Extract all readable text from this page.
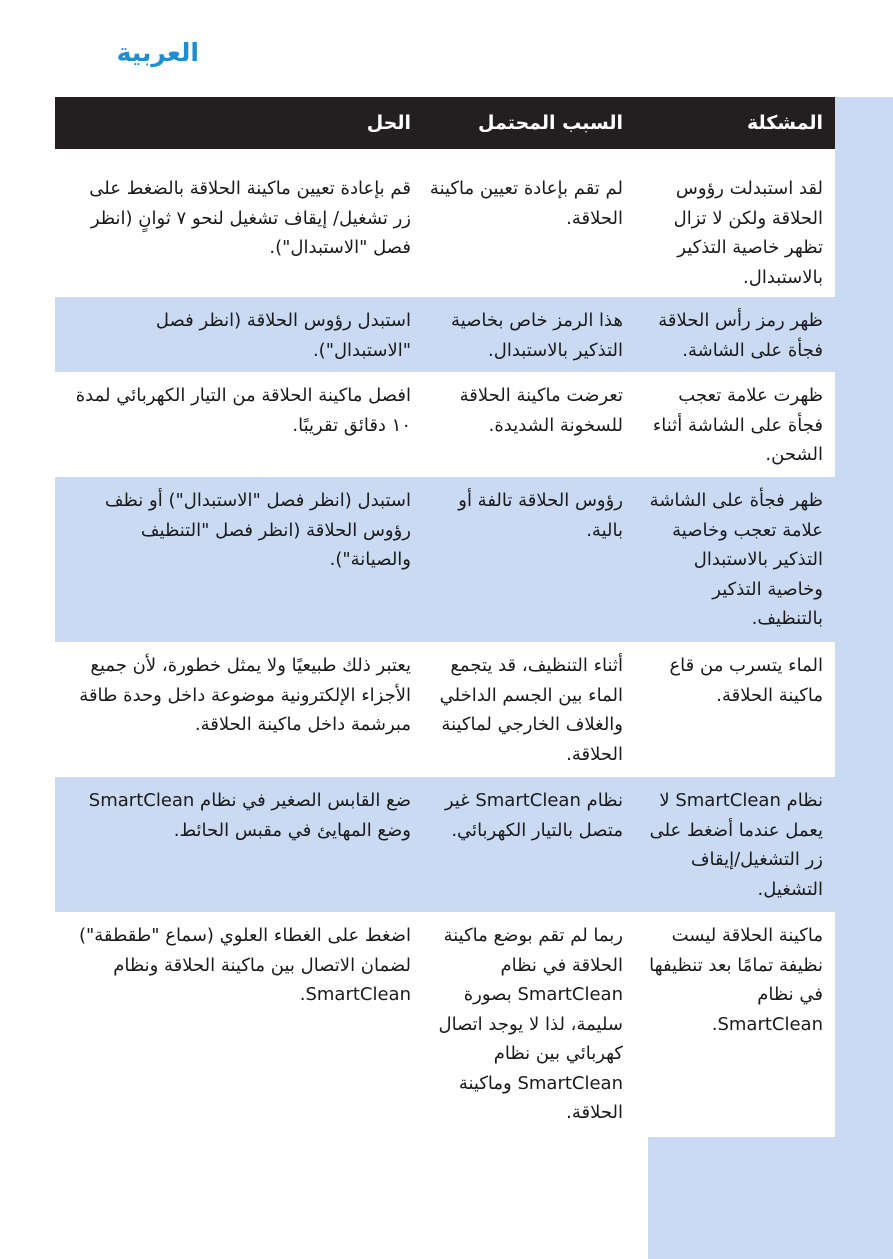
العربية
المشكلة
السبب المحتمل
الحل
لقد استبدلت رؤوس الحلاقة ولكن لا تزال تظهر خاصية التذكير بالاستبدال.
لم تقم بإعادة تعيين ماكينة الحلاقة.
قم بإعادة تعيين ماكينة الحلاقة بالضغط على زر تشغيل/ إيقاف تشغيل لنحو ٧ ثوانٍ (انظر فصل "الاستبدال").
ظهر رمز رأس الحلاقة فجأة على الشاشة.
هذا الرمز خاص بخاصية التذكير بالاستبدال.
استبدل رؤوس الحلاقة (انظر فصل "الاستبدال").
ظهرت علامة تعجب فجأة على الشاشة أثناء الشحن.
تعرضت ماكينة الحلاقة للسخونة الشديدة.
افصل ماكينة الحلاقة من التيار الكهربائي لمدة ١٠ دقائق تقريبًا.
ظهر فجأة على الشاشة علامة تعجب وخاصية التذكير بالاستبدال وخاصية التذكير بالتنظيف.
رؤوس الحلاقة تالفة أو بالية.
استبدل (انظر فصل "الاستبدال") أو نظف رؤوس الحلاقة (انظر فصل "التنظيف والصيانة").
الماء يتسرب من قاع ماكينة الحلاقة.
أثناء التنظيف، قد يتجمع الماء بين الجسم الداخلي والغلاف الخارجي لماكينة الحلاقة.
يعتبر ذلك طبيعيًا ولا يمثل خطورة، لأن جميع الأجزاء الإلكترونية موضوعة داخل وحدة طاقة مبرشمة داخل ماكينة الحلاقة.
نظام SmartClean لا يعمل عندما أضغط على زر التشغيل/إيقاف التشغيل.
نظام SmartClean غير متصل بالتيار الكهربائي.
ضع القابس الصغير في نظام SmartClean وضع المهايئ في مقبس الحائط.
ماكينة الحلاقة ليست نظيفة تمامًا بعد تنظيفها في نظام SmartClean.
ربما لم تقم بوضع ماكينة الحلاقة في نظام SmartClean بصورة سليمة، لذا لا يوجد اتصال كهربائي بين نظام SmartClean وماكينة الحلاقة.
اضغط على الغطاء العلوي (سماع "طقطقة") لضمان الاتصال بين ماكينة الحلاقة ونظام SmartClean.
